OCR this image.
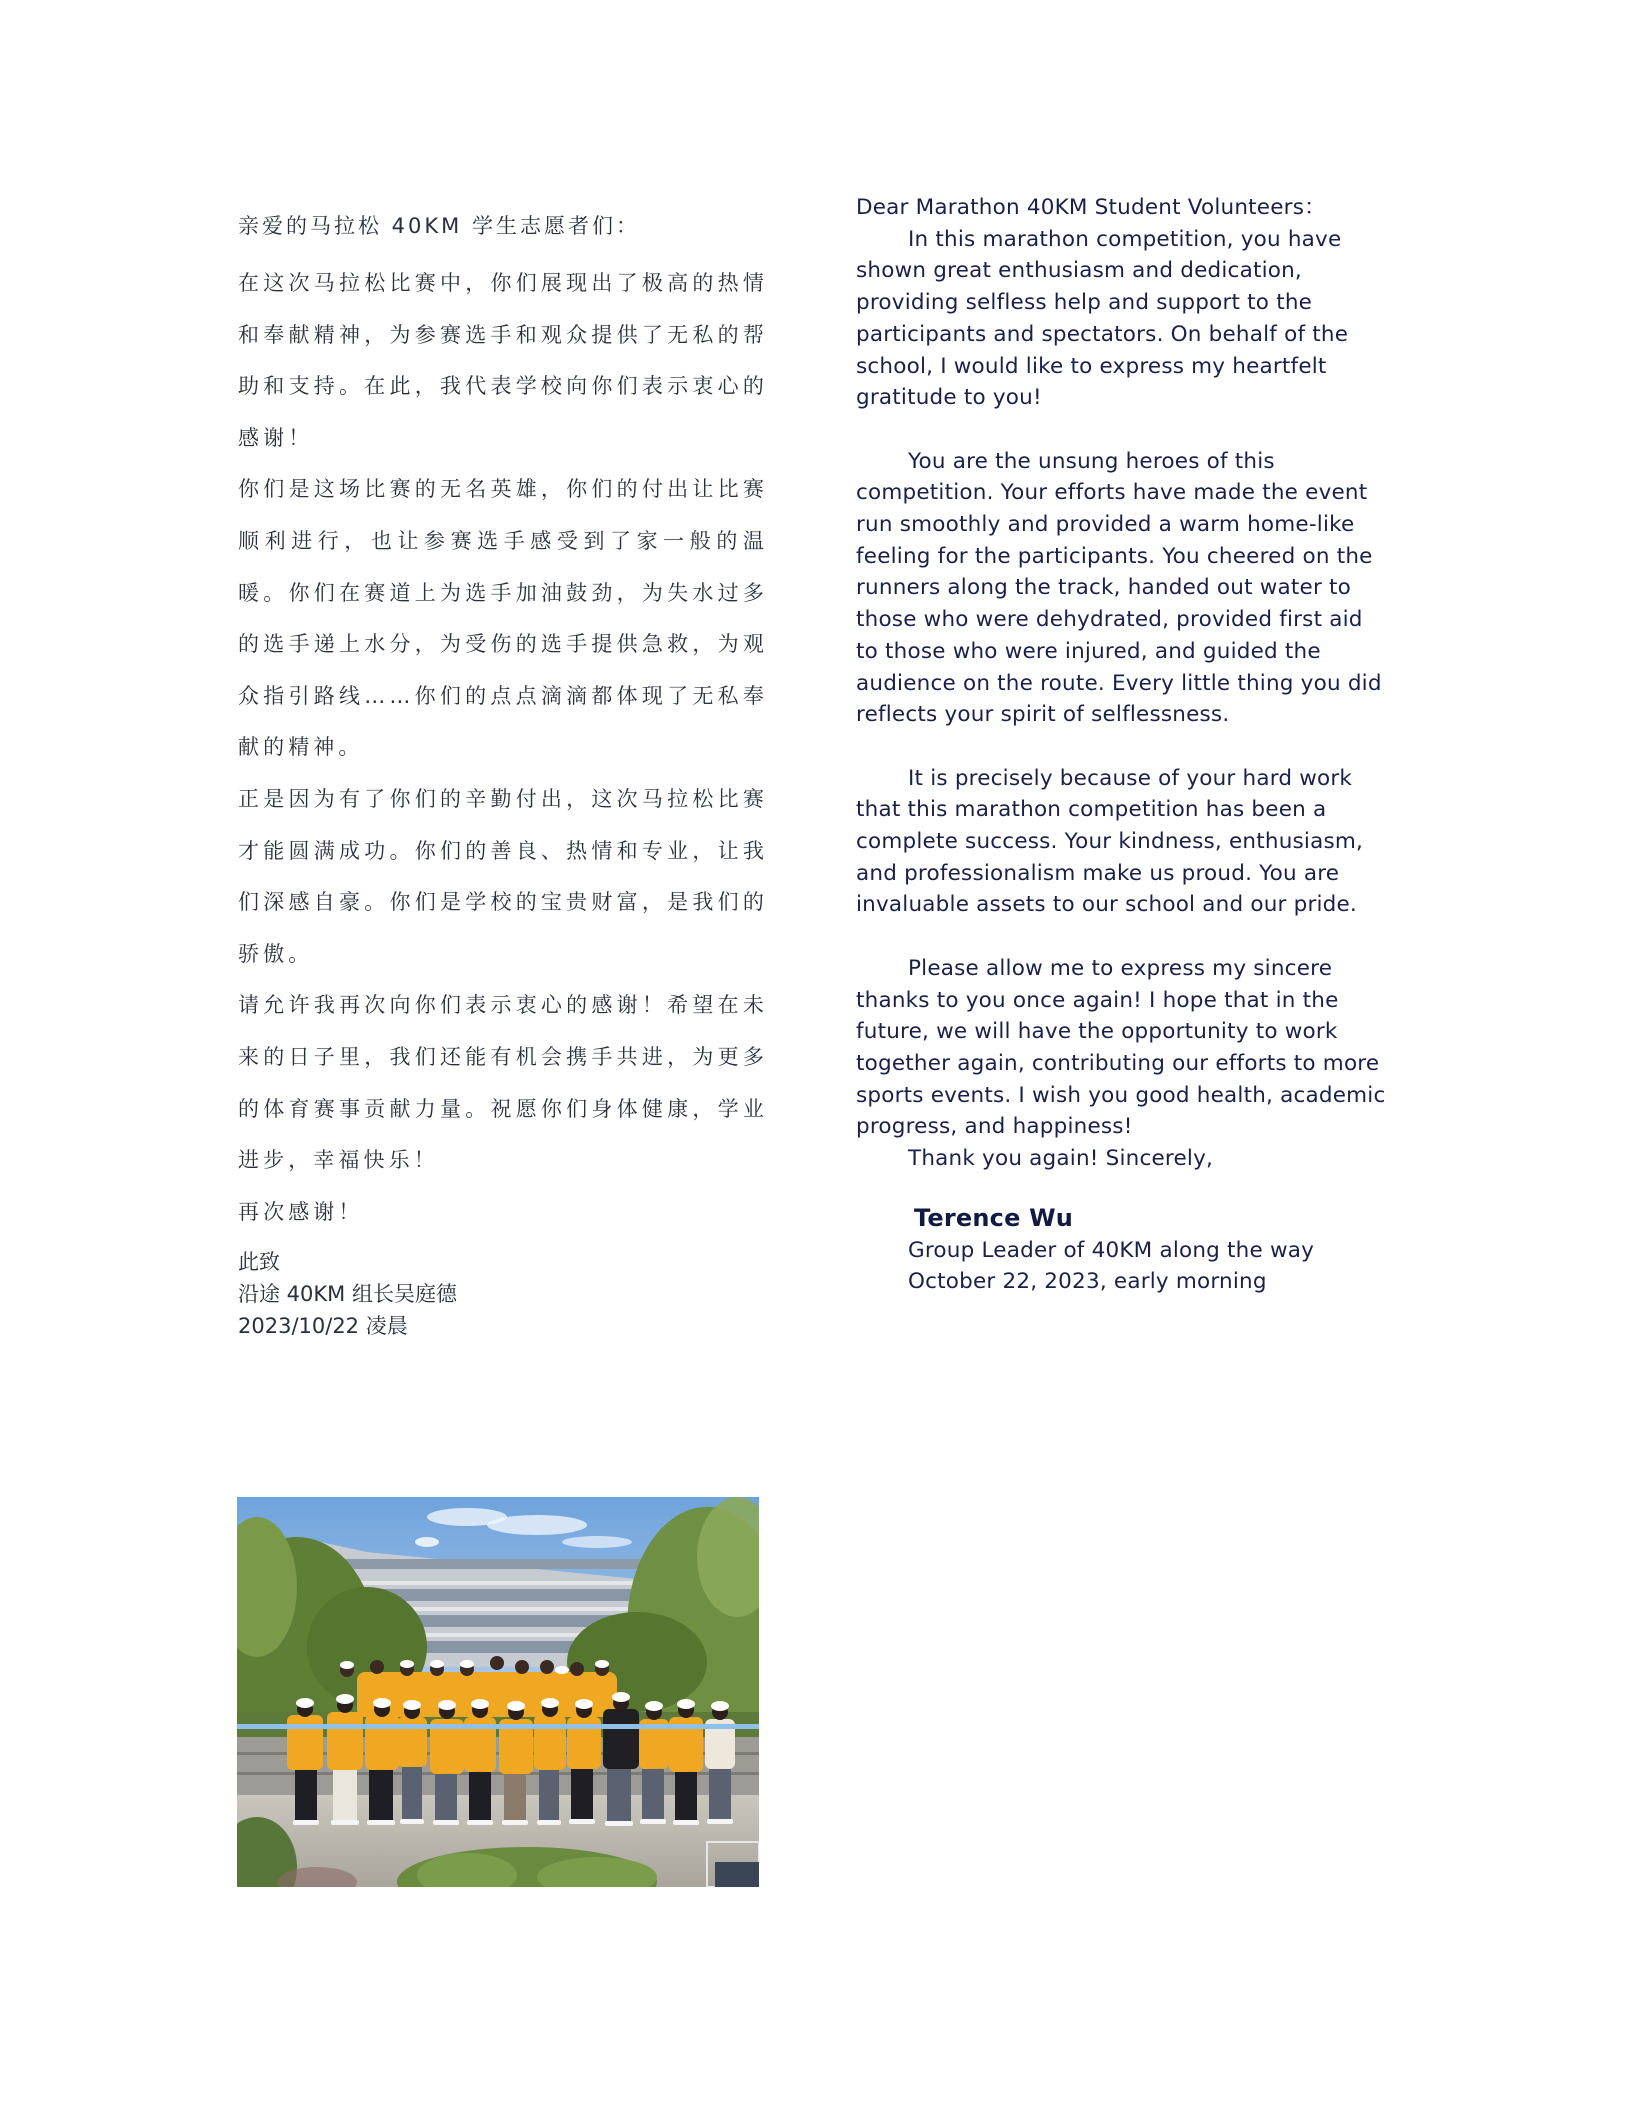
亲爱的马拉松 40KM 学生志愿者们：

在这次马拉松比赛中，你们展现出了极高的热情和奉献精神，为参赛选手和观众提供了无私的帮助和支持。在此，我代表学校向你们表示衷心的感谢！

你们是这场比赛的无名英雄，你们的付出让比赛顺利进行，也让参赛选手感受到了家一般的温暖。你们在赛道上为选手加油鼓劲，为失水过多的选手递上水分，为受伤的选手提供急救，为观众指引路线……你们的点点滴滴都体现了无私奉献的精神。

正是因为有了你们的辛勤付出，这次马拉松比赛才能圆满成功。你们的善良、热情和专业，让我们深感自豪。你们是学校的宝贵财富，是我们的骄傲。

请允许我再次向你们表示衷心的感谢！希望在未来的日子里，我们还能有机会携手共进，为更多的体育赛事贡献力量。祝愿你们身体健康，学业进步，幸福快乐！

再次感谢！

此致
沿途 40KM 组长吴庭德
2023/10/22 凌晨

Dear Marathon 40KM Student Volunteers：

In this marathon competition, you have shown great enthusiasm and dedication, providing selfless help and support to the participants and spectators. On behalf of the school, I would like to express my heartfelt gratitude to you!

You are the unsung heroes of this competition. Your efforts have made the event run smoothly and provided a warm home-like feeling for the participants. You cheered on the runners along the track, handed out water to those who were dehydrated, provided first aid to those who were injured, and guided the audience on the route. Every little thing you did reflects your spirit of selflessness.

It is precisely because of your hard work that this marathon competition has been a complete success. Your kindness, enthusiasm, and professionalism make us proud. You are invaluable assets to our school and our pride.

Please allow me to express my sincere thanks to you once again! I hope that in the future, we will have the opportunity to work together again, contributing our efforts to more sports events. I wish you good health, academic progress, and happiness!

Thank you again! Sincerely,

Terence Wu
Group Leader of 40KM along the way
October 22, 2023, early morning
